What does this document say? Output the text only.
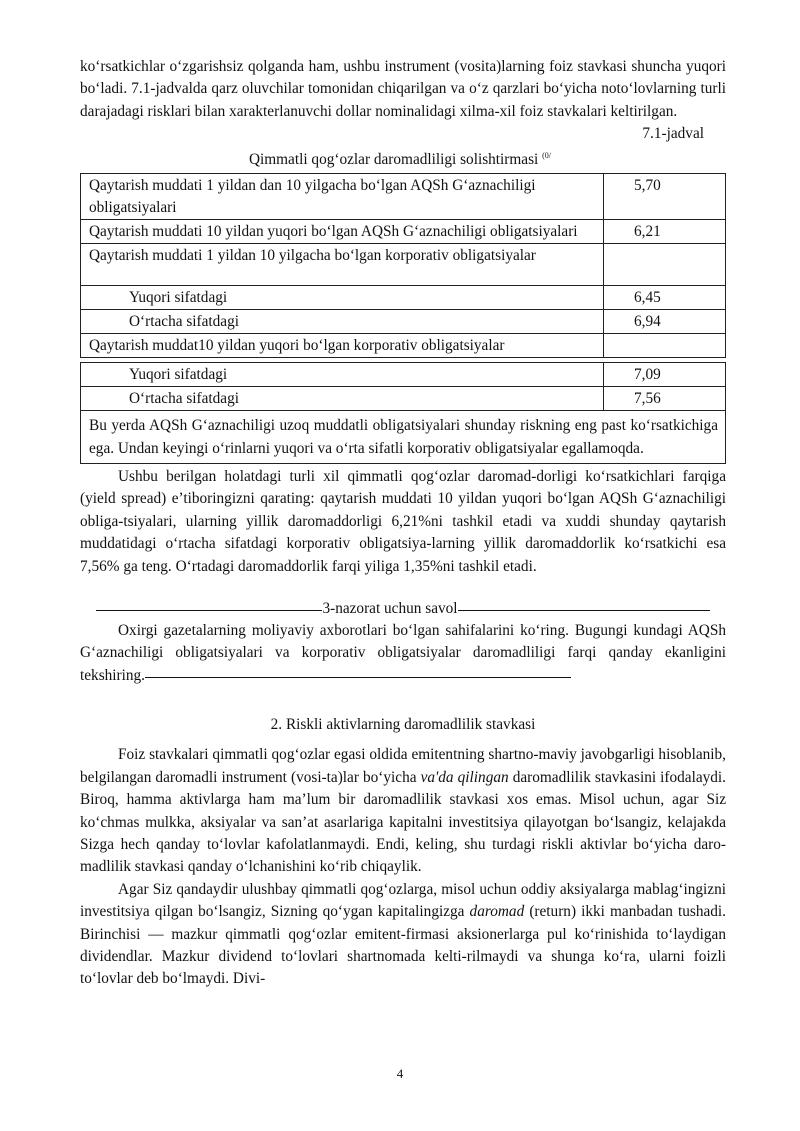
ko‘rsatkichlar o‘zgarishsiz qolganda ham, ushbu instrument (vosita)larning foiz stavkasi shuncha yuqori bo‘ladi. 7.1-jadvalda qarz oluvchilar tomonidan chiqarilgan va o‘z qarzlari bo‘yicha noto‘lovlarning turli darajadagi risklari bilan xarakterlanuvchi dollar nominalidagi xilma-xil foiz stavkalari keltirilgan.

7.1-jadval

Qimmatli qog‘ozlar daromadliligi solishtirmasi $^{(0/}$
Qaytarish muddati 1 yildan dan 10 yilgacha bo‘lgan AQSh G‘aznachiligi obligatsiyalari	5,70
Qaytarish muddati 10 yildan yuqori bo‘lgan AQSh G‘aznachiligi obligatsiyalari	6,21
Qaytarish muddati 1 yildan 10 yilgacha bo‘lgan korporativ obligatsiyalar	
Yuqori sifatdagi	6,45
O‘rtacha sifatdagi	6,94
Qaytarish muddat10 yildan yuqori bo‘lgan korporativ obligatsiyalar	

Yuqori sifatdagi	7,09
O‘rtacha sifatdagi	7,56
Bu yerda AQSh G‘aznachiligi uzoq muddatli obligatsiyalari shunday riskning eng past ko‘rsatkichiga ega. Undan keyingi o‘rinlarni yuqori va o‘rta sifatli korporativ obligatsiyalar egallamoqda.	

Ushbu berilgan holatdagi turli xil qimmatli qog‘ozlar daromad-dorligi ko‘rsatkichlari farqiga (yield spread) e’tiboringizni qarating: qaytarish muddati 10 yildan yuqori bo‘lgan AQSh G‘aznachiligi obliga-tsiyalari, ularning yillik daromaddorligi 6,21%ni tashkil etadi va xuddi shunday qaytarish muddatidagi o‘rtacha sifatdagi korporativ obligatsiya-larning yillik daromaddorlik ko‘rsatkichi esa 7,56% ga teng. O‘rtadagi daromaddorlik farqi yiliga 1,35%ni tashkil etadi.

3-nazorat uchun savol

Oxirgi gazetalarning moliyaviy axborotlari bo‘lgan sahifalarini ko‘ring. Bugungi kundagi AQSh G‘aznachiligi obligatsiyalari va korporativ obligatsiyalar daromadliligi farqi qanday ekanligini tekshiring.

2. Riskli aktivlarning daromadlilik stavkasi

Foiz stavkalari qimmatli qog‘ozlar egasi oldida emitentning shartno-maviy javobgarligi hisoblanib, belgilangan daromadli instrument (vosi-ta)lar bo‘yicha va'da qilingan daromadlilik stavkasini ifodalaydi. Biroq, hamma aktivlarga ham ma’lum bir daromadlilik stavkasi xos emas. Misol uchun, agar Siz ko‘chmas mulkka, aksiyalar va san’at asarlariga kapitalni investitsiya qilayotgan bo‘lsangiz, kelajakda Sizga hech qanday to‘lovlar kafolatlanmaydi. Endi, keling, shu turdagi riskli aktivlar bo‘yicha daro-madlilik stavkasi qanday o‘lchanishini ko‘rib chiqaylik.

Agar Siz qandaydir ulushbay qimmatli qog‘ozlarga, misol uchun oddiy aksiyalarga mablag‘ingizni investitsiya qilgan bo‘lsangiz, Sizning qo‘ygan kapitalingizga daromad (return) ikki manbadan tushadi. Birinchisi — mazkur qimmatli qog‘ozlar emitent-firmasi aksionerlarga pul ko‘rinishida to‘laydigan dividendlar. Mazkur dividend to‘lovlari shartnomada kelti-rilmaydi va shunga ko‘ra, ularni foizli to‘lovlar deb bo‘lmaydi. Divi-

4
